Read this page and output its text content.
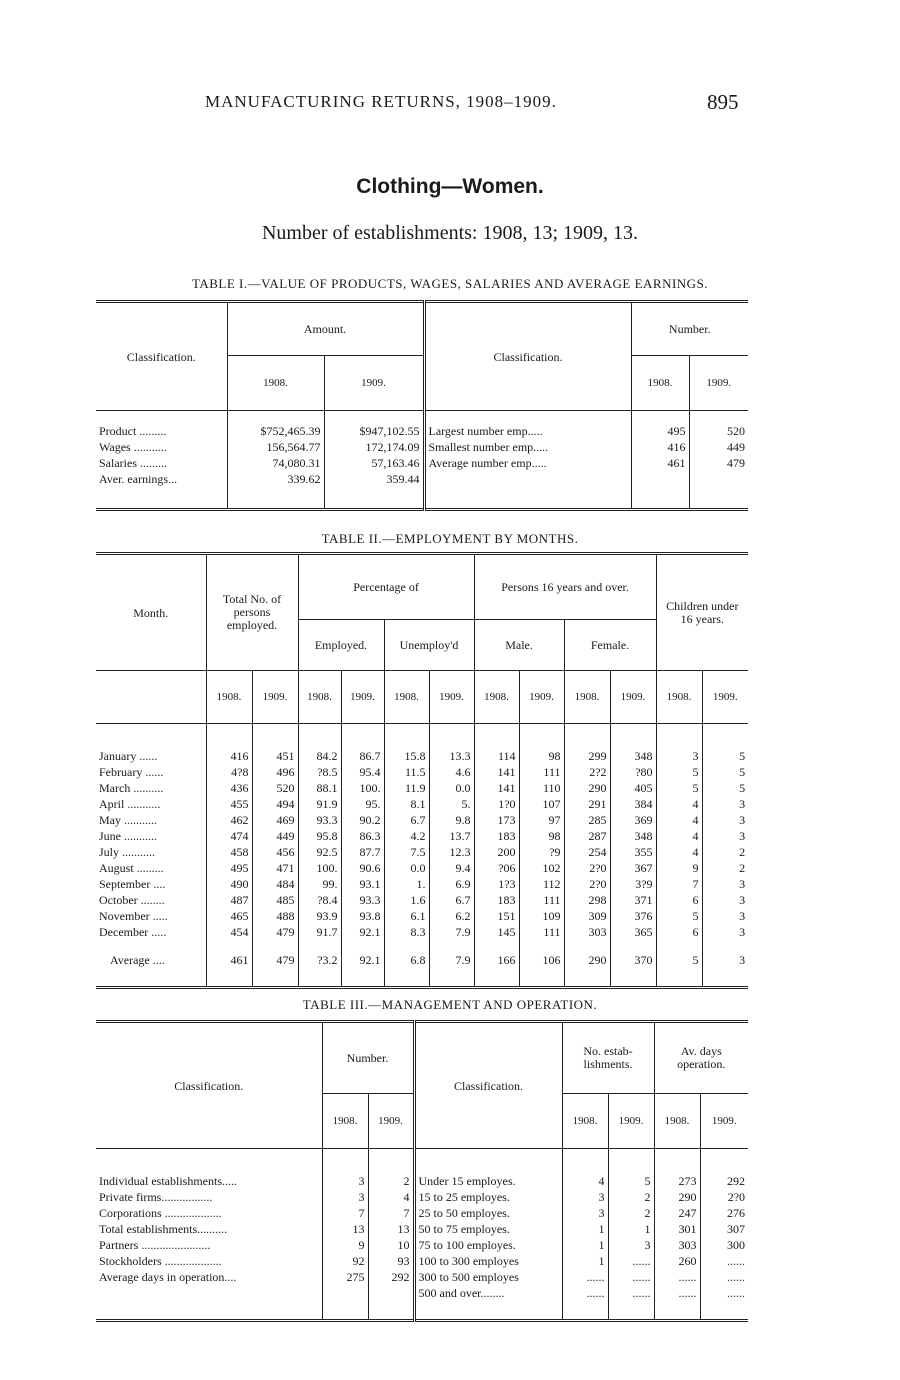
MANUFACTURING RETURNS, 1908–1909.	895
Clothing—Women.
Number of establishments: 1908, 13; 1909, 13.
TABLE I.—VALUE OF PRODUCTS, WAGES, SALARIES AND AVERAGE EARNINGS.
Classification.	Amount.		Classification.	Number.	
	1908.	1909.		1908.	1909.

Product .........	$752,465.39	$947,102.55	Largest number emp.....	495	520
Wages ...........	156,564.77	172,174.09	Smallest number emp.....	416	449
Salaries .........	74,080.31	57,163.46	Average number emp.....	461	479
Aver. earnings...	339.62	359.44			

TABLE II.—EMPLOYMENT BY MONTHS.
Month.	Total No. of persons employed.		Percentage of				Persons 16 years and over.				Children under 16 years.	
			Employed.		Unemploy'd		Male.		Female.			
	1908.	1909.	1908.	1909.	1908.	1909.	1908.	1909.	1908.	1909.	1908.	1909.

January ......	416	451	84.2	86.7	15.8	13.3	114	98	299	348	3	5
February ......	4?8	496	?8.5	95.4	11.5	4.6	141	111	2?2	?80	5	5
March ..........	436	520	88.1	100.	11.9	0.0	141	110	290	405	5	5
April ...........	455	494	91.9	95.	8.1	5.	1?0	107	291	384	4	3
May ...........	462	469	93.3	90.2	6.7	9.8	173	97	285	369	4	3
June ...........	474	449	95.8	86.3	4.2	13.7	183	98	287	348	4	3
July ...........	458	456	92.5	87.7	7.5	12.3	200	?9	254	355	4	2
August .........	495	471	100.	90.6	0.0	9.4	?06	102	2?0	367	9	2
September ....	490	484	99.	93.1	1.	6.9	1?3	112	2?0	3?9	7	3
October ........	487	485	?8.4	93.3	1.6	6.7	183	111	298	371	6	3
November .....	465	488	93.9	93.8	6.1	6.2	151	109	309	376	5	3
December .....	454	479	91.7	92.1	8.3	7.9	145	111	303	365	6	3

Average ....	461	479	?3.2	92.1	6.8	7.9	166	106	290	370	5	3

TABLE III.—MANAGEMENT AND OPERATION.
Classification.	Number.		Classification.	No. estab-lishments.		Av. days operation.	
	1908.	1909.		1908.	1909.	1908.	1909.

Individual establishments.....	3	2	Under 15 employes.	4	5	273	292
Private firms.................	3	4	15 to 25 employes.	3	2	290	2?0
Corporations ...................	7	7	25 to 50 employes.	3	2	247	276
Total establishments..........	13	13	50 to 75 employes.	1	1	301	307
Partners .......................	9	10	75 to 100 employes.	1	3	303	300
Stockholders ...................	92	93	100 to 300 employes	1	......	260	......
Average days in operation....	275	292	300 to 500 employes	......	......	......	......
			500 and over........	......	......	......	......
